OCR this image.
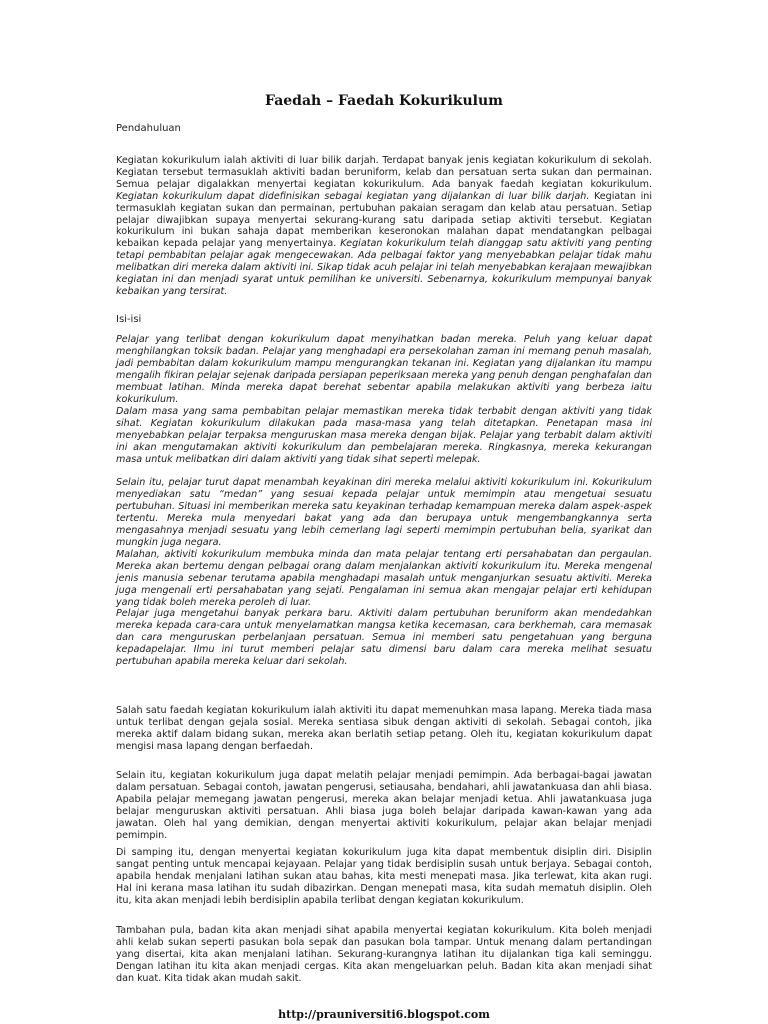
Faedah – Faedah Kokurikulum
Pendahuluan

Kegiatan kokurikulum ialah aktiviti di luar bilik darjah. Terdapat banyak jenis kegiatan kokurikulum di sekolah. Kegiatan tersebut termasuklah aktiviti badan beruniform, kelab dan persatuan serta sukan dan permainan. Semua pelajar digalakkan menyertai kegiatan kokurikulum. Ada banyak faedah kegiatan kokurikulum. Kegiatan kokurikulum dapat didefinisikan sebagai kegiatan yang dijalankan di luar bilik darjah. Kegiatan ini termasuklah kegiatan sukan dan permainan, pertubuhan pakaian seragam dan kelab atau persatuan. Setiap pelajar diwajibkan supaya menyertai sekurang-kurang satu daripada setiap aktiviti tersebut. Kegiatan kokurikulum ini bukan sahaja dapat memberikan keseronokan malahan dapat mendatangkan pelbagai kebaikan kepada pelajar yang menyertainya. Kegiatan kokurikulum telah dianggap satu aktiviti yang penting tetapi pembabitan pelajar agak mengecewakan. Ada pelbagai faktor yang menyebabkan pelajar tidak mahu melibatkan diri mereka dalam aktiviti ini. Sikap tidak acuh pelajar ini telah menyebabkan kerajaan mewajibkan kegiatan ini dan menjadi syarat untuk pemilihan ke universiti. Sebenarnya, kokurikulum mempunyai banyak kebaikan yang tersirat.

Isi-isi

Pelajar yang terlibat dengan kokurikulum dapat menyihatkan badan mereka. Peluh yang keluar dapat menghilangkan toksik badan. Pelajar yang menghadapi era persekolahan zaman ini memang penuh masalah, jadi pembabitan dalam kokurikulum mampu mengurangkan tekanan ini. Kegiatan yang dijalankan itu mampu mengalih fikiran pelajar sejenak daripada persiapan peperiksaan mereka yang penuh dengan penghafalan dan membuat latihan. Minda mereka dapat berehat sebentar apabila melakukan aktiviti yang berbeza iaitu kokurikulum.

Dalam masa yang sama pembabitan pelajar memastikan mereka tidak terbabit dengan aktiviti yang tidak sihat. Kegiatan kokurikulum dilakukan pada masa-masa yang telah ditetapkan. Penetapan masa ini menyebabkan pelajar terpaksa menguruskan masa mereka dengan bijak. Pelajar yang terbabit dalam aktiviti ini akan mengutamakan aktiviti kokurikulum dan pembelajaran mereka. Ringkasnya, mereka kekurangan masa untuk melibatkan diri dalam aktiviti yang tidak sihat seperti melepak.

Selain itu, pelajar turut dapat menambah keyakinan diri mereka melalui aktiviti kokurikulum ini. Kokurikulum menyediakan satu “medan” yang sesuai kepada pelajar untuk memimpin atau mengetuai sesuatu pertubuhan. Situasi ini memberikan mereka satu keyakinan terhadap kemampuan mereka dalam aspek-aspek tertentu. Mereka mula menyedari bakat yang ada dan berupaya untuk mengembangkannya serta mengasahnya menjadi sesuatu yang lebih cemerlang lagi seperti memimpin pertubuhan belia, syarikat dan mungkin juga negara.

Malahan, aktiviti kokurikulum membuka minda dan mata pelajar tentang erti persahabatan dan pergaulan. Mereka akan bertemu dengan pelbagai orang dalam menjalankan aktiviti kokurikulum itu. Mereka mengenal jenis manusia sebenar terutama apabila menghadapi masalah untuk menganjurkan sesuatu aktiviti. Mereka juga mengenali erti persahabatan yang sejati. Pengalaman ini semua akan mengajar pelajar erti kehidupan yang tidak boleh mereka peroleh di luar.

Pelajar juga mengetahui banyak perkara baru. Aktiviti dalam pertubuhan beruniform akan mendedahkan mereka kepada cara-cara untuk menyelamatkan mangsa ketika kecemasan, cara berkhemah, cara memasak dan cara menguruskan perbelanjaan persatuan. Semua ini memberi satu pengetahuan yang berguna kepadapelajar. Ilmu ini turut memberi pelajar satu dimensi baru dalam cara mereka melihat sesuatu pertubuhan apabila mereka keluar dari sekolah.

Salah satu faedah kegiatan kokurikulum ialah aktiviti itu dapat memenuhkan masa lapang. Mereka tiada masa untuk terlibat dengan gejala sosial. Mereka sentiasa sibuk dengan aktiviti di sekolah. Sebagai contoh, jika mereka aktif dalam bidang sukan, mereka akan berlatih setiap petang. Oleh itu, kegiatan kokurikulum dapat mengisi masa lapang dengan berfaedah.

Selain itu, kegiatan kokurikulum juga dapat melatih pelajar menjadi pemimpin. Ada berbagai-bagai jawatan dalam persatuan. Sebagai contoh, jawatan pengerusi, setiausaha, bendahari, ahli jawatankuasa dan ahli biasa. Apabila pelajar memegang jawatan pengerusi, mereka akan belajar menjadi ketua. Ahli jawatankuasa juga belajar menguruskan aktiviti persatuan. Ahli biasa juga boleh belajar daripada kawan-kawan yang ada jawatan. Oleh hal yang demikian, dengan menyertai aktiviti kokurikulum, pelajar akan belajar menjadi pemimpin.

Di samping itu, dengan menyertai kegiatan kokurikulum juga kita dapat membentuk disiplin diri. Disiplin sangat penting untuk mencapai kejayaan. Pelajar yang tidak berdisiplin susah untuk berjaya. Sebagai contoh, apabila hendak menjalani latihan sukan atau bahas, kita mesti menepati masa. Jika terlewat, kita akan rugi. Hal ini kerana masa latihan itu sudah dibazirkan. Dengan menepati masa, kita sudah mematuh disiplin. Oleh itu, kita akan menjadi lebih berdisiplin apabila terlibat dengan kegiatan kokurikulum.

Tambahan pula, badan kita akan menjadi sihat apabila menyertai kegiatan kokurikulum. Kita boleh menjadi ahli kelab sukan seperti pasukan bola sepak dan pasukan bola tampar. Untuk menang dalam pertandingan yang disertai, kita akan menjalani latihan. Sekurang-kurangnya latihan itu dijalankan tiga kali seminggu. Dengan latihan itu kita akan menjadi cergas. Kita akan mengeluarkan peluh. Badan kita akan menjadi sihat dan kuat. Kita tidak akan mudah sakit.

http://prauniversiti6.blogspot.com
